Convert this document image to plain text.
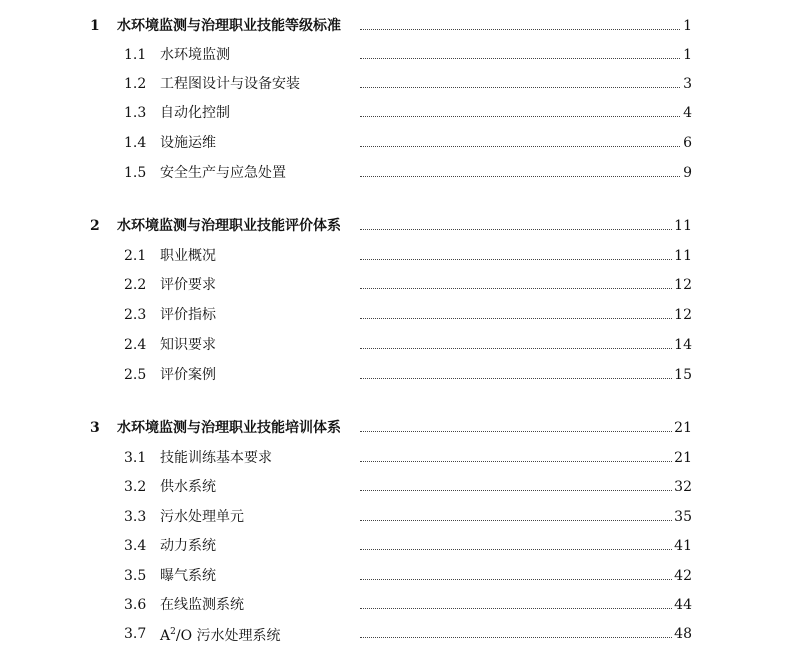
1	水环境监测与治理职业技能等级标准	1
1.1 水环境监测	1
1.2 工程图设计与设备安装	3
1.3 自动化控制	4
1.4 设施运维	6
1.5 安全生产与应急处置	9
2	水环境监测与治理职业技能评价体系	11
2.1 职业概况	11
2.2 评价要求	12
2.3 评价指标	12
2.4 知识要求	14
2.5 评价案例	15
3	水环境监测与治理职业技能培训体系	21
3.1 技能训练基本要求	21
3.2 供水系统	32
3.3 污水处理单元	35
3.4 动力系统	41
3.5 曝气系统	42
3.6 在线监测系统	44
3.7 $A^2/O$ 污水处理系统	48
